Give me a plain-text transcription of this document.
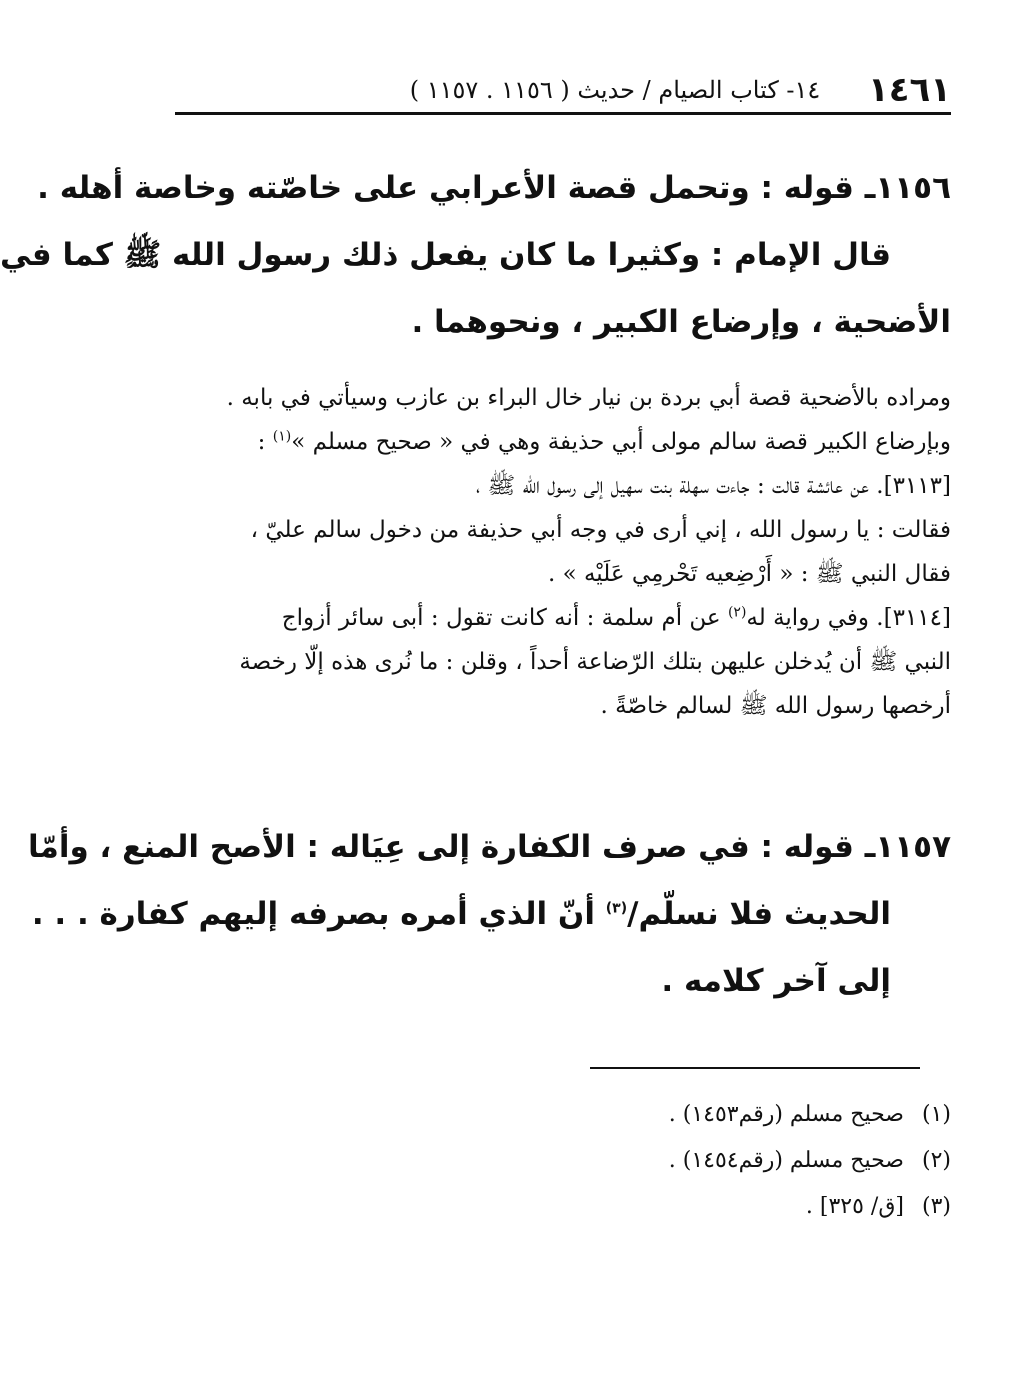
١٤٦١
١٤- كتاب الصيام / حديث ( ١١٥٦ . ١١٥٧ )
١١٥٦ـ قوله : وتحمل قصة الأعرابي على خاصّته وخاصة أهله .
قال الإمام : وكثيرا ما كان يفعل ذلك رسول الله ﷺ كما في
الأضحية ، وإرضاع الكبير ، ونحوهما .
ومراده بالأضحية قصة أبي بردة بن نيار خال البراء بن عازب وسيأتي في بابه .
وبإرضاع الكبير قصة سالم مولى أبي حذيفة وهي في « صحيح مسلم »$^{(١)}$ :
[٣١١٣]. عن عائشة قالت : جاءت سهلة بنت سهيل إلى رسول الله ﷺ ،
فقالت : يا رسول الله ، إني أرى في وجه أبي حذيفة من دخول سالم عليّ ،
فقال النبي ﷺ : « أَرْضِعيه تَحْرمِي عَلَيْه » .
[٣١١٤]. وفي رواية له$^{(٢)}$ عن أم سلمة : أنه كانت تقول : أبى سائر أزواج
النبي ﷺ أن يُدخلن عليهن بتلك الرّضاعة أحداً ، وقلن : ما نُرى هذه إلّا رخصة
أرخصها رسول الله ﷺ لسالم خاصّةً .
١١٥٧ـ قوله : في صرف الكفارة إلى عِيَاله : الأصح المنع ، وأمّا
الحديث فلا نسلّم/$^{(٣)}$ أنّ الذي أمره بصرفه إليهم كفارة . . .
إلى آخر كلامه .
(١) صحيح مسلم (رقم١٤٥٣) .
(٢) صحيح مسلم (رقم١٤٥٤) .
(٣) [ق/ ٣٢٥] .
